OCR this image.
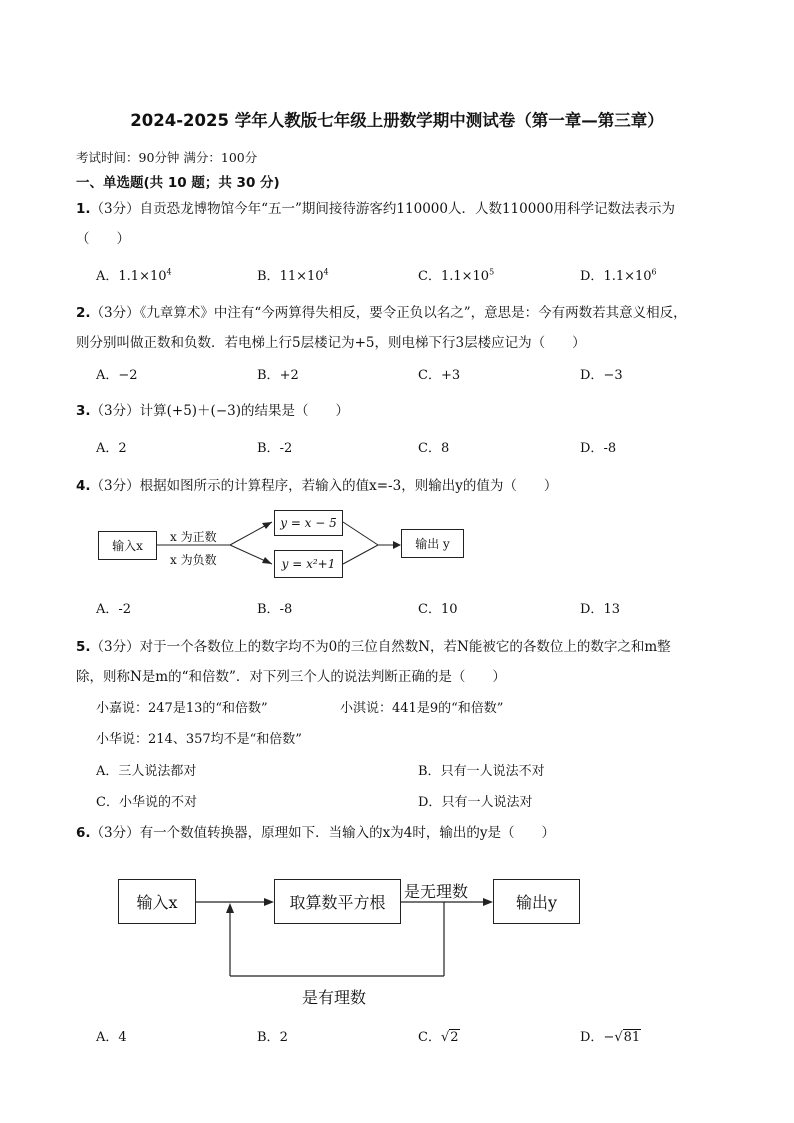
2024-2025 学年人教版七年级上册数学期中测试卷（第一章—第三章）
考试时间：90分钟 满分：100分
一、单选题(共 10 题；共 30 分)
1.（3分）自贡恐龙博物馆今年“五一”期间接待游客约110000人．人数110000用科学记数法表示为
（　　）
A．$1.1\times 10^4$	B．$11\times 10^4$	C．$1.1\times 10^5$	D．$1.1\times 10^6$
2.（3分）《九章算术》中注有“今两算得失相反，要令正负以名之”，意思是：今有两数若其意义相反，
则分别叫做正数和负数．若电梯上行5层楼记为+5，则电梯下行3层楼应记为（　　）
A．−2	B．+2	C．+3	D．−3
3.（3分）计算(+5)＋(−3)的结果是（　　）
A．2	B．-2	C．8	D．-8
4.（3分）根据如图所示的计算程序，若输入的值x=-3，则输出y的值为（　　）
输入x
x 为正数
x 为负数
y = x − 5
y = x²+1
输出 y
A．-2	B．-8	C．10	D．13
5.（3分）对于一个各数位上的数字均不为0的三位自然数N，若N能被它的各数位上的数字之和m整
除，则称N是m的“和倍数”．对下列三个人的说法判断正确的是（　　）
小嘉说：247是13的“和倍数”	小淇说：441是9的“和倍数”
小华说：214、357均不是“和倍数”
A．三人说法都对	B．只有一人说法不对
C．小华说的不对	D．只有一人说法对
6.（3分）有一个数值转换器，原理如下．当输入的x为4时，输出的y是（　　）
输入x	取算数平方根
是无理数
输出y
是有理数
A．4	B．2	C．√2	D．−√81
